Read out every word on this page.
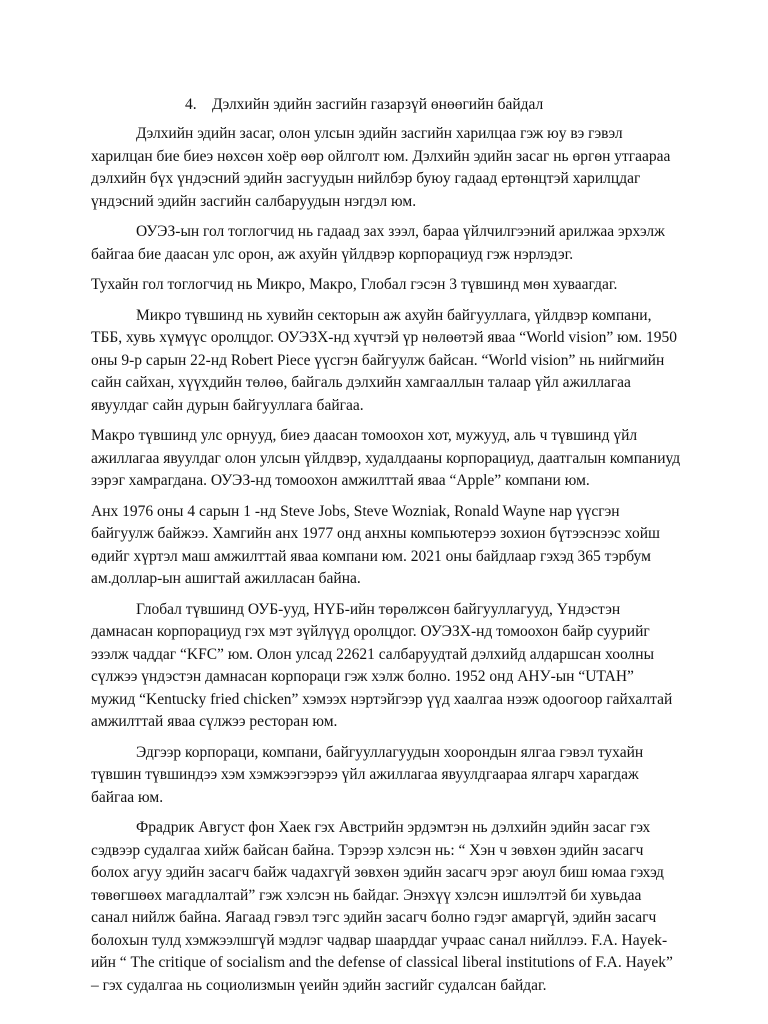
4. Дэлхийн эдийн засгийн газарзүй өнөөгийн байдал

Дэлхийн эдийн засаг, олон улсын эдийн засгийн харилцаа гэж юу вэ гэвэл харилцан бие биеэ нөхсөн хоёр өөр ойлголт юм. Дэлхийн эдийн засаг нь өргөн утгаараа дэлхийн бүх үндэсний эдийн засгуудын нийлбэр буюу гадаад ертөнцтэй харилцдаг үндэсний эдийн засгийн салбаруудын нэгдэл юм.

ОУЭЗ-ын гол тоглогчид нь гадаад зах зээл, бараа үйлчилгээний арилжаа эрхэлж байгаа бие даасан улс орон, аж ахуйн үйлдвэр корпорациуд гэж нэрлэдэг.

Тухайн гол тоглогчид нь Микро, Макро, Глобал гэсэн 3 түвшинд мөн хуваагдаг.

Микро түвшинд нь хувийн секторын аж ахуйн байгууллага, үйлдвэр компани, ТББ, хувь хүмүүс оролцдог. ОУЭЗХ-нд хүчтэй үр нөлөөтэй яваа “World vision” юм. 1950 оны 9-р сарын 22-нд Robert Piece үүсгэн байгуулж байсан. “World vision” нь нийгмийн сайн сайхан, хүүхдийн төлөө, байгаль дэлхийн хамгааллын талаар үйл ажиллагаа явуулдаг сайн дурын байгууллага байгаа.

Макро түвшинд улс орнууд, биеэ даасан томоохон хот, мужууд, аль ч түвшинд үйл ажиллагаа явуулдаг олон улсын үйлдвэр, худалдааны корпорациуд, даатгалын компаниуд зэрэг хамрагдана. ОУЭЗ-нд томоохон амжилттай яваа “Apple” компани юм.

Анх 1976 оны 4 сарын 1 -нд Steve Jobs, Steve Wozniak, Ronald Wayne нар үүсгэн байгуулж байжээ. Хамгийн анх 1977 онд анхны компьютерээ зохион бүтээснээс хойш өдийг хүртэл маш амжилттай яваа компани юм. 2021 оны байдлаар гэхэд 365 тэрбум ам.доллар-ын ашигтай ажилласан байна.

Глобал түвшинд ОУБ-ууд, НҮБ-ийн төрөлжсөн байгууллагууд, Үндэстэн дамнасан корпорациуд гэх мэт зүйлүүд оролцдог. ОУЭЗХ-нд томоохон байр суурийг эзэлж чаддаг “KFC” юм. Олон улсад 22621 салбаруудтай дэлхийд алдаршсан хоолны сүлжээ үндэстэн дамнасан корпораци гэж хэлж болно. 1952 онд АНУ-ын “UTAH” мужид “Kentucky fried chicken” хэмээх нэртэйгээр үүд хаалгаа нээж одоогоор гайхалтай амжилттай яваа сүлжээ ресторан юм.

Эдгээр корпораци, компани, байгууллагуудын хоорондын ялгаа гэвэл тухайн түвшин түвшиндээ хэм хэмжээгээрээ үйл ажиллагаа явуулдгаараа ялгарч харагдаж байгаа юм.

Фрадрик Август фон Хаек гэх Австрийн эрдэмтэн нь дэлхийн эдийн засаг гэх сэдвээр судалгаа хийж байсан байна. Тэрээр хэлсэн нь: “ Хэн ч зөвхөн эдийн засагч болох агуу эдийн засагч байж чадахгүй зөвхөн эдийн засагч эрэг аюул биш юмаа гэхэд төвөгшөөх магадлалтай” гэж хэлсэн нь байдаг. Энэхүү хэлсэн ишлэлтэй би хувьдаа санал нийлж байна. Яагаад гэвэл тэгс эдийн засагч болно гэдэг амаргүй, эдийн засагч болохын тулд хэмжээлшгүй мэдлэг чадвар шаарддаг учраас санал нийллээ. F.A. Hayek-ийн “ The critique of socialism and the defense of classical liberal institutions of F.A. Hayek” – гэх судалгаа нь социолизмын үеийн эдийн засгийг судалсан байдаг.
